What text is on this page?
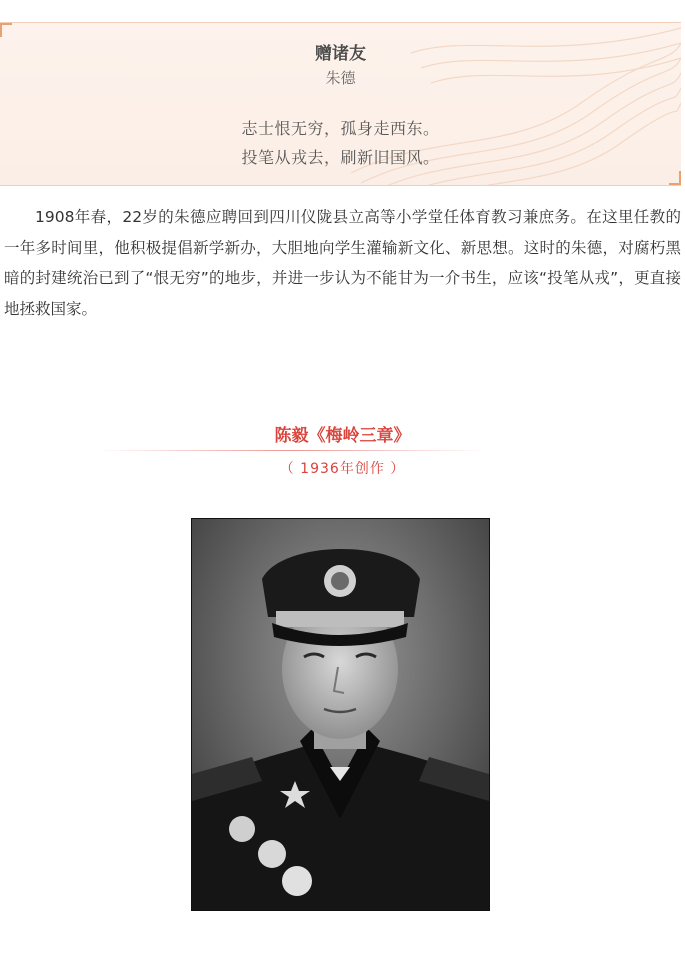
赠诸友
朱德
志士恨无穷，孤身走西东。
投笔从戎去，刷新旧国风。

1908年春，22岁的朱德应聘回到四川仪陇县立高等小学堂任体育教习兼庶务。在这里任教的一年多时间里，他积极提倡新学新办，大胆地向学生灌输新文化、新思想。这时的朱德，对腐朽黑暗的封建统治已到了“恨无穷”的地步，并进一步认为不能甘为一介书生，应该“投笔从戎”，更直接地拯救国家。

陈毅《梅岭三章》
（ 1936年创作 ）
